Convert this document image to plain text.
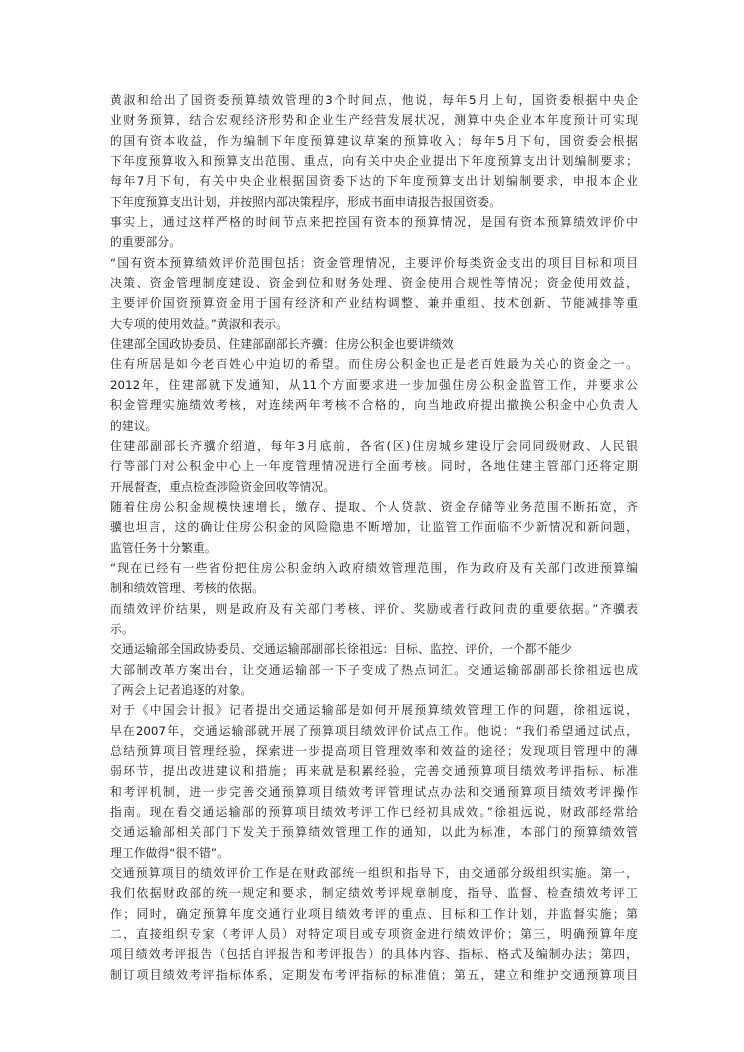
黄淑和给出了国资委预算绩效管理的3个时间点，他说，每年5月上旬，国资委根据中央企
业财务预算，结合宏观经济形势和企业生产经营发展状况，测算中央企业本年度预计可实现
的国有资本收益，作为编制下年度预算建议草案的预算收入；每年5月下旬，国资委会根据
下年度预算收入和预算支出范围、重点，向有关中央企业提出下年度预算支出计划编制要求；
每年7月下旬，有关中央企业根据国资委下达的下年度预算支出计划编制要求，申报本企业
下年度预算支出计划，并按照内部决策程序，形成书面申请报告报国资委。
事实上，通过这样严格的时间节点来把控国有资本的预算情况，是国有资本预算绩效评价中
的重要部分。
“国有资本预算绩效评价范围包括：资金管理情况，主要评价每类资金支出的项目目标和项目
决策、资金管理制度建设、资金到位和财务处理、资金使用合规性等情况；资金使用效益，
主要评价国资预算资金用于国有经济和产业结构调整、兼并重组、技术创新、节能减排等重
大专项的使用效益。”黄淑和表示。
住建部全国政协委员、住建部副部长齐骥：住房公积金也要讲绩效
住有所居是如今老百姓心中迫切的希望。而住房公积金也正是老百姓最为关心的资金之一。
2012年，住建部就下发通知，从11个方面要求进一步加强住房公积金监管工作，并要求公
积金管理实施绩效考核，对连续两年考核不合格的，向当地政府提出撤换公积金中心负责人
的建议。
住建部副部长齐骥介绍道，每年3月底前，各省(区)住房城乡建设厅会同同级财政、人民银
行等部门对公积金中心上一年度管理情况进行全面考核。同时，各地住建主管部门还将定期
开展督查，重点检查涉险资金回收等情况。
随着住房公积金规模快速增长，缴存、提取、个人贷款、资金存储等业务范围不断拓宽，齐
骥也坦言，这的确让住房公积金的风险隐患不断增加，让监管工作面临不少新情况和新问题，
监管任务十分繁重。
“现在已经有一些省份把住房公积金纳入政府绩效管理范围，作为政府及有关部门改进预算编
制和绩效管理、考核的依据。
而绩效评价结果，则是政府及有关部门考核、评价、奖励或者行政问责的重要依据。”齐骥表
示。
交通运输部全国政协委员、交通运输部副部长徐祖远：目标、监控、评价，一个都不能少
大部制改革方案出台，让交通运输部一下子变成了热点词汇。交通运输部副部长徐祖远也成
了两会上记者追逐的对象。
对于《中国会计报》记者提出交通运输部是如何开展预算绩效管理工作的问题，徐祖远说，
早在2007年，交通运输部就开展了预算项目绩效评价试点工作。他说：“我们希望通过试点，
总结预算项目管理经验，探索进一步提高项目管理效率和效益的途径；发现项目管理中的薄
弱环节，提出改进建议和措施；再来就是积累经验，完善交通预算项目绩效考评指标、标准
和考评机制，进一步完善交通预算项目绩效考评管理试点办法和交通预算项目绩效考评操作
指南。现在看交通运输部的预算项目绩效考评工作已经初具成效。”徐祖远说，财政部经常给
交通运输部相关部门下发关于预算绩效管理工作的通知，以此为标准，本部门的预算绩效管
理工作做得“很不错”。
交通预算项目的绩效评价工作是在财政部统一组织和指导下，由交通部分级组织实施。第一，
我们依据财政部的统一规定和要求，制定绩效考评规章制度，指导、监督、检查绩效考评工
作；同时，确定预算年度交通行业项目绩效考评的重点、目标和工作计划，并监督实施；第
二，直接组织专家（考评人员）对特定项目或专项资金进行绩效评价；第三，明确预算年度
项目绩效考评报告（包括自评报告和考评报告）的具体内容、指标、格式及编制办法；第四，
制订项目绩效考评指标体系，定期发布考评指标的标准值；第五，建立和维护交通预算项目
